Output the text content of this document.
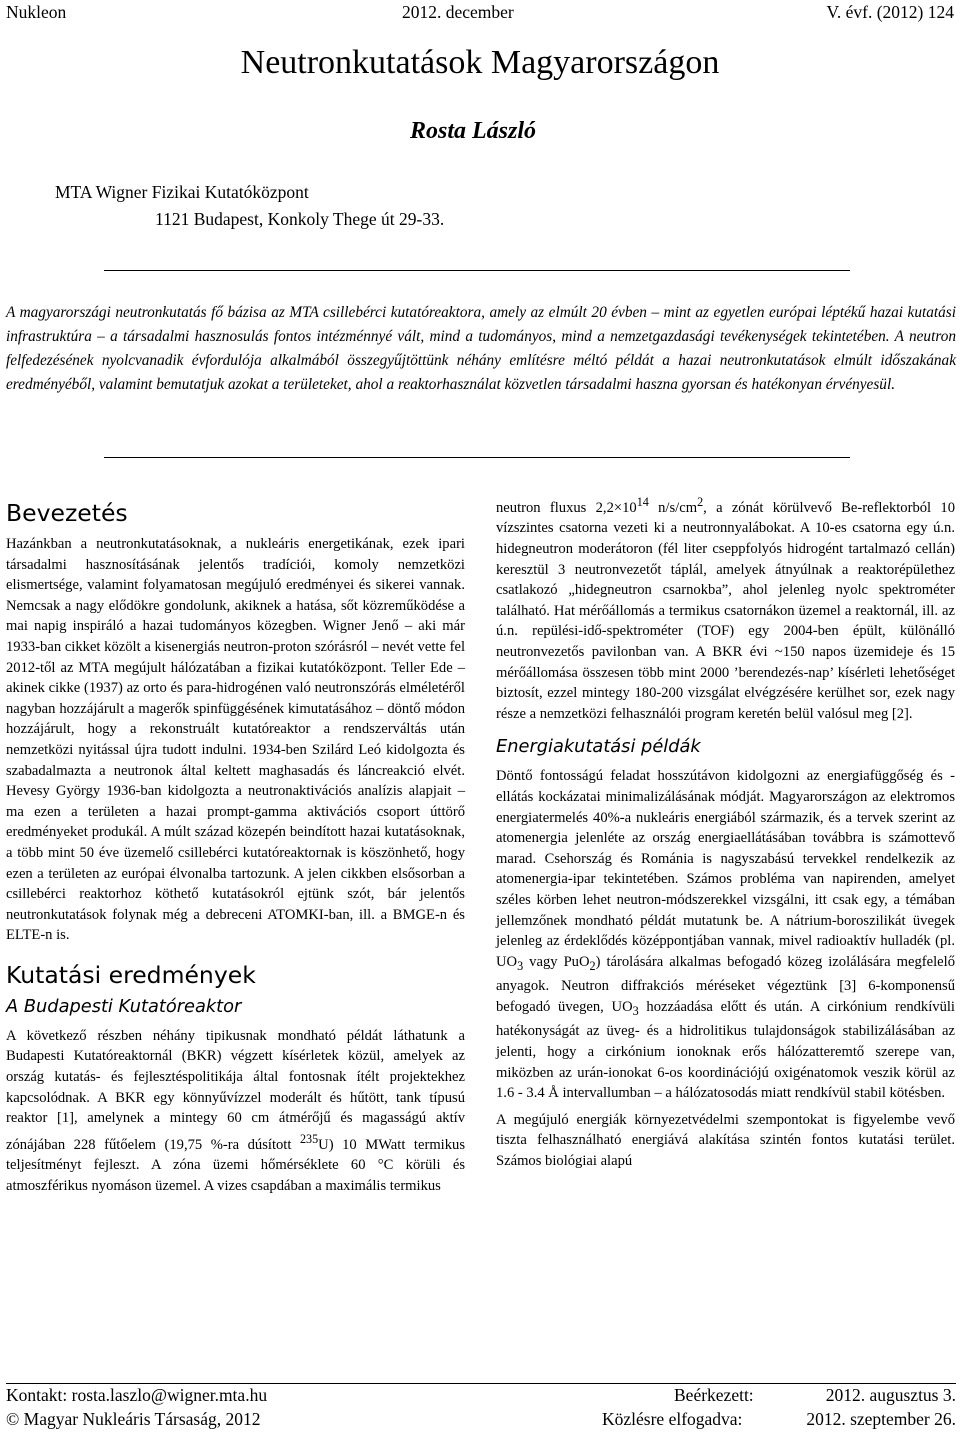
Nukleon	2012. december	V. évf. (2012) 124
Neutronkutatások Magyarországon
Rosta László
MTA Wigner Fizikai Kutatóközpont
1121 Budapest, Konkoly Thege út 29-33.
A magyarországi neutronkutatás fő bázisa az MTA csillebérci kutatóreaktora, amely az elmúlt 20 évben – mint az egyetlen európai léptékű hazai kutatási infrastruktúra – a társadalmi hasznosulás fontos intézménnyé vált, mind a tudományos, mind a nemzetgazdasági tevékenységek tekintetében. A neutron felfedezésének nyolcvanadik évfordulója alkalmából összegyűjtöttünk néhány említésre méltó példát a hazai neutronkutatások elmúlt időszakának eredményéből, valamint bemutatjuk azokat a területeket, ahol a reaktorhasználat közvetlen társadalmi haszna gyorsan és hatékonyan érvényesül.
Bevezetés

Hazánkban a neutronkutatásoknak, a nukleáris energetikának, ezek ipari társadalmi hasznosításának jelentős tradíciói, komoly nemzetközi elismertsége, valamint folyamatosan megújuló eredményei és sikerei vannak. Nemcsak a nagy elődökre gondolunk, akiknek a hatása, sőt közreműködése a mai napig inspiráló a hazai tudományos közegben. Wigner Jenő – aki már 1933-ban cikket közölt a kisenergiás neutron-proton szórásról – nevét vette fel 2012-től az MTA megújult hálózatában a fizikai kutatóközpont. Teller Ede – akinek cikke (1937) az orto és para-hidrogénen való neutronszórás elméletéről nagyban hozzájárult a magerők spinfüggésének kimutatásához – döntő módon hozzájárult, hogy a rekonstruált kutatóreaktor a rendszerváltás után nemzetközi nyitással újra tudott indulni. 1934-ben Szilárd Leó kidolgozta és szabadalmazta a neutronok által keltett maghasadás és láncreakció elvét. Hevesy György 1936-ban kidolgozta a neutronaktivációs analízis alapjait – ma ezen a területen a hazai prompt-gamma aktivációs csoport úttörő eredményeket produkál. A múlt század közepén beindított hazai kutatásoknak, a több mint 50 éve üzemelő csillebérci kutatóreaktornak is köszönhető, hogy ezen a területen az európai élvonalba tartozunk. A jelen cikkben elsősorban a csillebérci reaktorhoz köthető kutatásokról ejtünk szót, bár jelentős neutronkutatások folynak még a debreceni ATOMKI-ban, ill. a BMGE-n és ELTE-n is.

Kutatási eredmények
A Budapesti Kutatóreaktor

A következő részben néhány tipikusnak mondható példát láthatunk a Budapesti Kutatóreaktornál (BKR) végzett kísérletek közül, amelyek az ország kutatás- és fejlesztéspolitikája által fontosnak ítélt projektekhez kapcsolódnak. A BKR egy könnyűvízzel moderált és hűtött, tank típusú reaktor [1], amelynek a mintegy 60 cm átmérőjű és magasságú aktív zónájában 228 fűtőelem (19,75 %-ra dúsított $^{235}$U) 10 MWatt termikus teljesítményt fejleszt. A zóna üzemi hőmérséklete 60 °C körüli és atmoszférikus nyomáson üzemel. A vizes csapdában a maximális termikus

neutron fluxus $2,2\times 10^{14}$ $n/s/cm^2$, a zónát körülvevő Be-reflektorból 10 vízszintes csatorna vezeti ki a neutronnyalábokat. A 10-es csatorna egy ú.n. hidegneutron moderátoron (fél liter cseppfolyós hidrogént tartalmazó cellán) keresztül 3 neutronvezetőt táplál, amelyek átnyúlnak a reaktorépülethez csatlakozó „hidegneutron csarnokba”, ahol jelenleg nyolc spektrométer található. Hat mérőállomás a termikus csatornákon üzemel a reaktornál, ill. az ú.n. repülési-idő-spektrométer (TOF) egy 2004-ben épült, különálló neutronvezetős pavilonban van. A BKR évi ~150 napos üzemideje és 15 mérőállomása összesen több mint 2000 ’berendezés-nap’ kísérleti lehetőséget biztosít, ezzel mintegy 180-200 vizsgálat elvégzésére kerülhet sor, ezek nagy része a nemzetközi felhasználói program keretén belül valósul meg [2].

Energiakutatási példák

Döntő fontosságú feladat hosszútávon kidolgozni az energiafüggőség és -ellátás kockázatai minimalizálásának módját. Magyarországon az elektromos energiatermelés 40%-a nukleáris energiából származik, és a tervek szerint az atomenergia jelenléte az ország energiaellátásában továbbra is számottevő marad. Csehország és Románia is nagyszabású tervekkel rendelkezik az atomenergia-ipar tekintetében. Számos probléma van napirenden, amelyet széles körben lehet neutron-módszerekkel vizsgálni, itt csak egy, a témában jellemzőnek mondható példát mutatunk be. A nátrium-boroszilikát üvegek jelenleg az érdeklődés középpontjában vannak, mivel radioaktív hulladék (pl. $UO_3$ vagy PuO$_2$) tárolására alkalmas befogadó közeg izolálására megfelelő anyagok. Neutron diffrakciós méréseket végeztünk [3] 6-komponensű befogadó üvegen, $UO_3$ hozzáadása előtt és után. A cirkónium rendkívüli hatékonyságát az üveg- és a hidrolitikus tulajdonságok stabilizálásában az jelenti, hogy a cirkónium ionoknak erős hálózatteremtő szerepe van, miközben az urán-ionokat 6-os koordinációjú oxigénatomok veszik körül az 1.6 - 3.4 Å intervallumban – a hálózatosodás miatt rendkívül stabil kötésben.

A megújuló energiák környezetvédelmi szempontokat is figyelembe vevő tiszta felhasználható energiává alakítása szintén fontos kutatási terület. Számos biológiai alapú

Kontakt: rosta.laszlo@wigner.mta.hu	Beérkezett:	2012. augusztus 3.
© Magyar Nukleáris Társaság, 2012	Közlésre elfogadva:	2012. szeptember 26.
